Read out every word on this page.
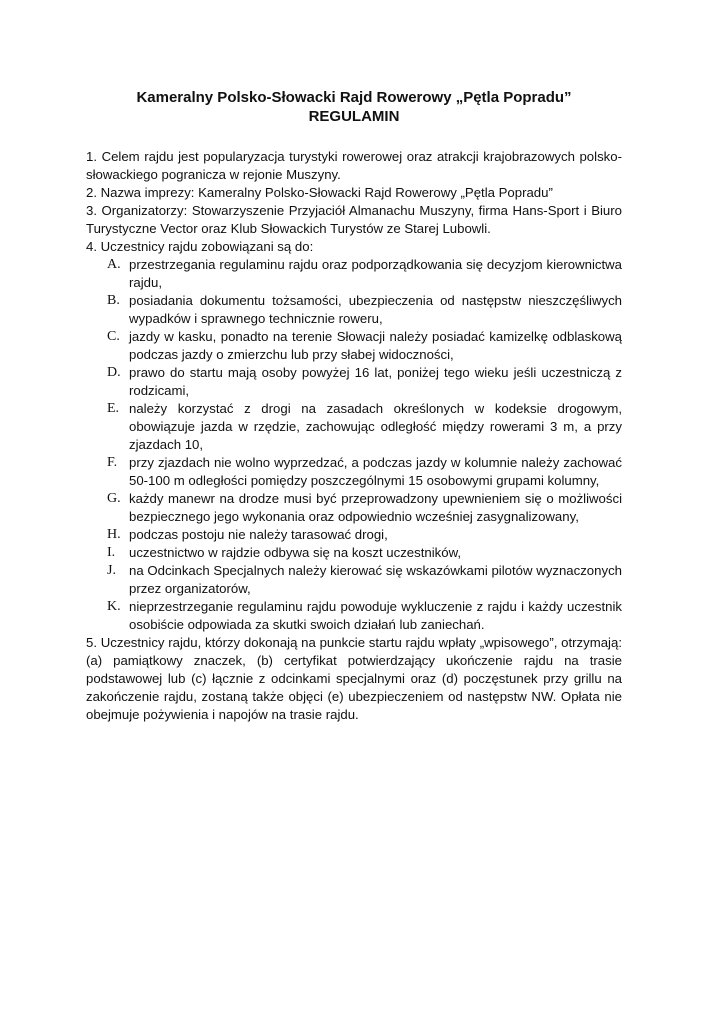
Kameralny Polsko-Słowacki Rajd Rowerowy „Pętla Popradu”
REGULAMIN

1. Celem rajdu jest popularyzacja turystyki rowerowej oraz atrakcji krajobrazowych polsko-słowackiego pogranicza w rejonie Muszyny.

2. Nazwa imprezy: Kameralny Polsko-Słowacki Rajd Rowerowy „Pętla Popradu”

3. Organizatorzy: Stowarzyszenie Przyjaciół Almanachu Muszyny, firma Hans-Sport i Biuro Turystyczne Vector oraz Klub Słowackich Turystów ze Starej Lubowli.

4. Uczestnicy rajdu zobowiązani są do:

A. przestrzegania regulaminu rajdu oraz podporządkowania się decyzjom kierownictwa rajdu,
B. posiadania dokumentu tożsamości, ubezpieczenia od następstw nieszczęśliwych wypadków i sprawnego technicznie roweru,
C. jazdy w kasku, ponadto na terenie Słowacji należy posiadać kamizelkę odblaskową podczas jazdy o zmierzchu lub przy słabej widoczności,
D. prawo do startu mają osoby powyżej 16 lat, poniżej tego wieku jeśli uczestniczą z rodzicami,
E. należy korzystać z drogi na zasadach określonych w kodeksie drogowym, obowiązuje jazda w rzędzie, zachowując odległość między rowerami 3 m, a przy zjazdach 10,
F. przy zjazdach nie wolno wyprzedzać, a podczas jazdy w kolumnie należy zachować 50-100 m odległości pomiędzy poszczególnymi 15 osobowymi grupami kolumny,
G. każdy manewr na drodze musi być przeprowadzony upewnieniem się o możliwości bezpiecznego jego wykonania oraz odpowiednio wcześniej zasygnalizowany,
H. podczas postoju nie należy tarasować drogi,
I. uczestnictwo w rajdzie odbywa się na koszt uczestników,
J. na Odcinkach Specjalnych należy kierować się wskazówkami pilotów wyznaczonych przez organizatorów,
K. nieprzestrzeganie regulaminu rajdu powoduje wykluczenie z rajdu i każdy uczestnik osobiście odpowiada za skutki swoich działań lub zaniechań.

5. Uczestnicy rajdu, którzy dokonają na punkcie startu rajdu wpłaty „wpisowego”, otrzymają: (a) pamiątkowy znaczek, (b) certyfikat potwierdzający ukończenie rajdu na trasie podstawowej lub (c) łącznie z odcinkami specjalnymi oraz (d) poczęstunek przy grillu na zakończenie rajdu, zostaną także objęci (e) ubezpieczeniem od następstw NW. Opłata nie obejmuje pożywienia i napojów na trasie rajdu.
